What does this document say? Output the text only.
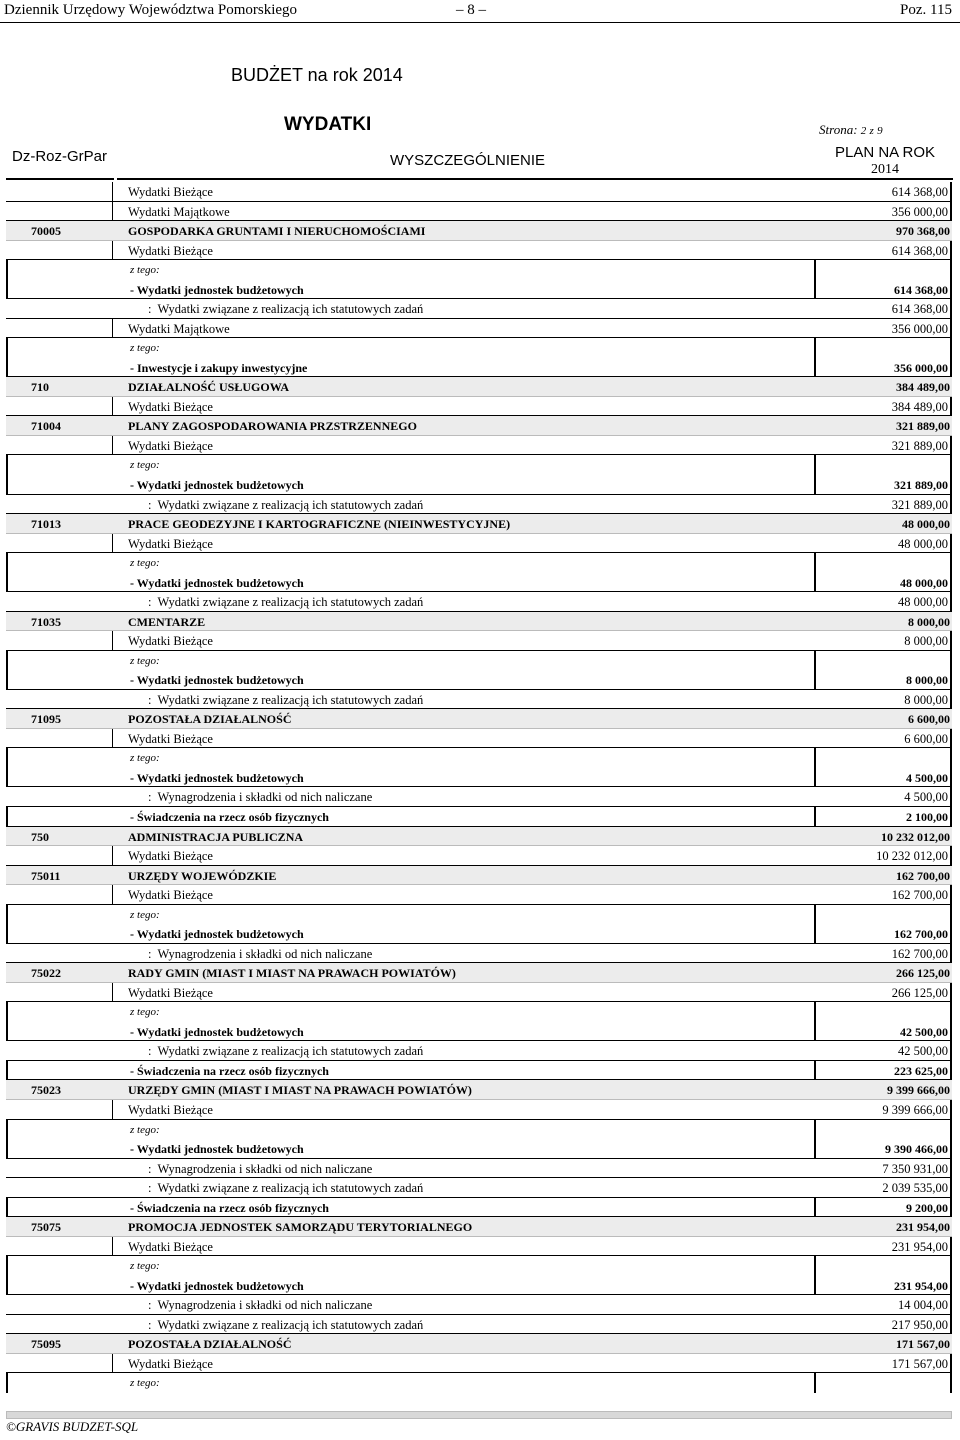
Dziennik Urzędowy Województwa Pomorskiego	– 8 –	Poz. 115
BUDŻET na rok 2014
WYDATKI	Strona: 2 z 9
Dz-Roz-GrPar	WYSZCZEGÓLNIENIE	PLAN NA ROK
2014
Wydatki Bieżące	614 368,00
Wydatki Majątkowe	356 000,00
70005	GOSPODARKA GRUNTAMI I NIERUCHOMOŚCIAMI	970 368,00
Wydatki Bieżące	614 368,00
z tego:
- Wydatki jednostek budżetowych	614 368,00
: Wydatki związane z realizacją ich statutowych zadań	614 368,00
Wydatki Majątkowe	356 000,00
z tego:
- Inwestycje i zakupy inwestycyjne	356 000,00
710	DZIAŁALNOŚĆ USŁUGOWA	384 489,00
Wydatki Bieżące	384 489,00
71004	PLANY ZAGOSPODAROWANIA PRZSTRZENNEGO	321 889,00
Wydatki Bieżące	321 889,00
z tego:
- Wydatki jednostek budżetowych	321 889,00
: Wydatki związane z realizacją ich statutowych zadań	321 889,00
71013	PRACE GEODEZYJNE I KARTOGRAFICZNE (NIEINWESTYCYJNE)	48 000,00
Wydatki Bieżące	48 000,00
z tego:
- Wydatki jednostek budżetowych	48 000,00
: Wydatki związane z realizacją ich statutowych zadań	48 000,00
71035	CMENTARZE	8 000,00
Wydatki Bieżące	8 000,00
z tego:
- Wydatki jednostek budżetowych	8 000,00
: Wydatki związane z realizacją ich statutowych zadań	8 000,00
71095	POZOSTAŁA DZIAŁALNOŚĆ	6 600,00
Wydatki Bieżące	6 600,00
z tego:
- Wydatki jednostek budżetowych	4 500,00
: Wynagrodzenia i składki od nich naliczane	4 500,00
- Świadczenia na rzecz osób fizycznych	2 100,00
750	ADMINISTRACJA PUBLICZNA	10 232 012,00
Wydatki Bieżące	10 232 012,00
75011	URZĘDY WOJEWÓDZKIE	162 700,00
Wydatki Bieżące	162 700,00
z tego:
- Wydatki jednostek budżetowych	162 700,00
: Wynagrodzenia i składki od nich naliczane	162 700,00
75022	RADY GMIN (MIAST I MIAST NA PRAWACH POWIATÓW)	266 125,00
Wydatki Bieżące	266 125,00
z tego:
- Wydatki jednostek budżetowych	42 500,00
: Wydatki związane z realizacją ich statutowych zadań	42 500,00
- Świadczenia na rzecz osób fizycznych	223 625,00
75023	URZĘDY GMIN (MIAST I MIAST NA PRAWACH POWIATÓW)	9 399 666,00
Wydatki Bieżące	9 399 666,00
z tego:
- Wydatki jednostek budżetowych	9 390 466,00
: Wynagrodzenia i składki od nich naliczane	7 350 931,00
: Wydatki związane z realizacją ich statutowych zadań	2 039 535,00
- Świadczenia na rzecz osób fizycznych	9 200,00
75075	PROMOCJA JEDNOSTEK SAMORZĄDU TERYTORIALNEGO	231 954,00
Wydatki Bieżące	231 954,00
z tego:
- Wydatki jednostek budżetowych	231 954,00
: Wynagrodzenia i składki od nich naliczane	14 004,00
: Wydatki związane z realizacją ich statutowych zadań	217 950,00
75095	POZOSTAŁA DZIAŁALNOŚĆ	171 567,00
Wydatki Bieżące	171 567,00
z tego:
©GRAVIS BUDZET-SQL
